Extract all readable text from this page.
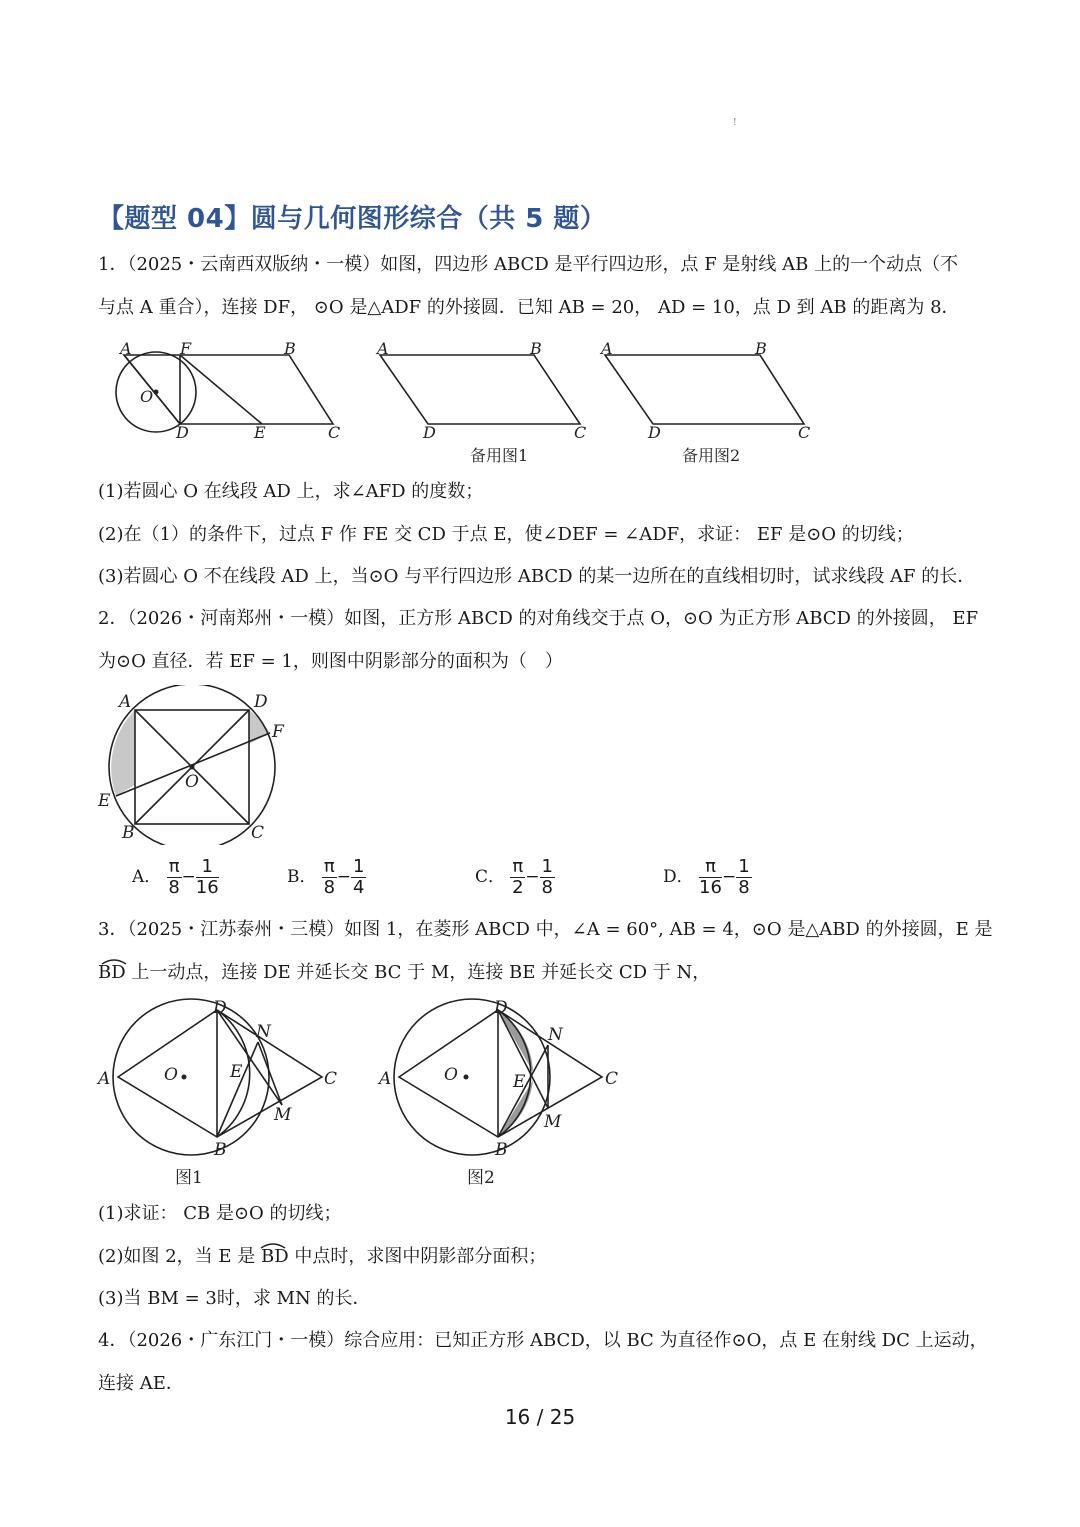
!
【题型 04】圆与几何图形综合（共 5 题）
1．（2025・云南西双版纳・一模）如图，四边形 ABCD 是平行四边形，点 F 是射线 AB 上的一个动点（不
与点 A 重合），连接 DF， ⊙O 是△ADF 的外接圆．已知 AB = 20， AD = 10，点 D 到 AB 的距离为 8．
A	F	B
O
D	E	C
A	B
D	C
A	B
D	C
备用图1	备用图2
(1)若圆心 O 在线段 AD 上，求∠AFD 的度数；
(2)在（1）的条件下，过点 F 作 FE 交 CD 于点 E，使∠DEF = ∠ADF，求证： EF 是⊙O 的切线；
(3)若圆心 O 不在线段 AD 上，当⊙O 与平行四边形 ABCD 的某一边所在的直线相切时，试求线段 AF 的长．
2．（2026・河南郑州・一模）如图，正方形 ABCD 的对角线交于点 O，⊙O 为正方形 ABCD 的外接圆， EF
为⊙O 直径．若 EF = 1，则图中阴影部分的面积为（　）
A	D
F
O
E
B	C
A． $\frac{\pi}{8} - \frac{1}{16}$	B． $\frac{\pi}{8} - \frac{1}{4}$	C． $\frac{\pi}{2} - \frac{1}{8}$	D． $\frac{\pi}{16} - \frac{1}{8}$
3．（2025・江苏泰州・三模）如图 1，在菱形 ABCD 中，∠A = 60°, AB = 4，⊙O 是△ABD 的外接圆，E 是
BD 上一动点，连接 DE 并延长交 BC 于 M，连接 BE 并延长交 CD 于 N，
A
D
N
O	E	C
M
B
图1
A
D
N
O	E	C
M
B
图2
(1)求证： CB 是⊙O 的切线；
(2)如图 2，当 E 是 BD 中点时，求图中阴影部分面积；
(3)当 BM = 3时，求 MN 的长．
4．（2026・广东江门・一模）综合应用：已知正方形 ABCD，以 BC 为直径作⊙O，点 E 在射线 DC 上运动，
连接 AE．
16 / 25
